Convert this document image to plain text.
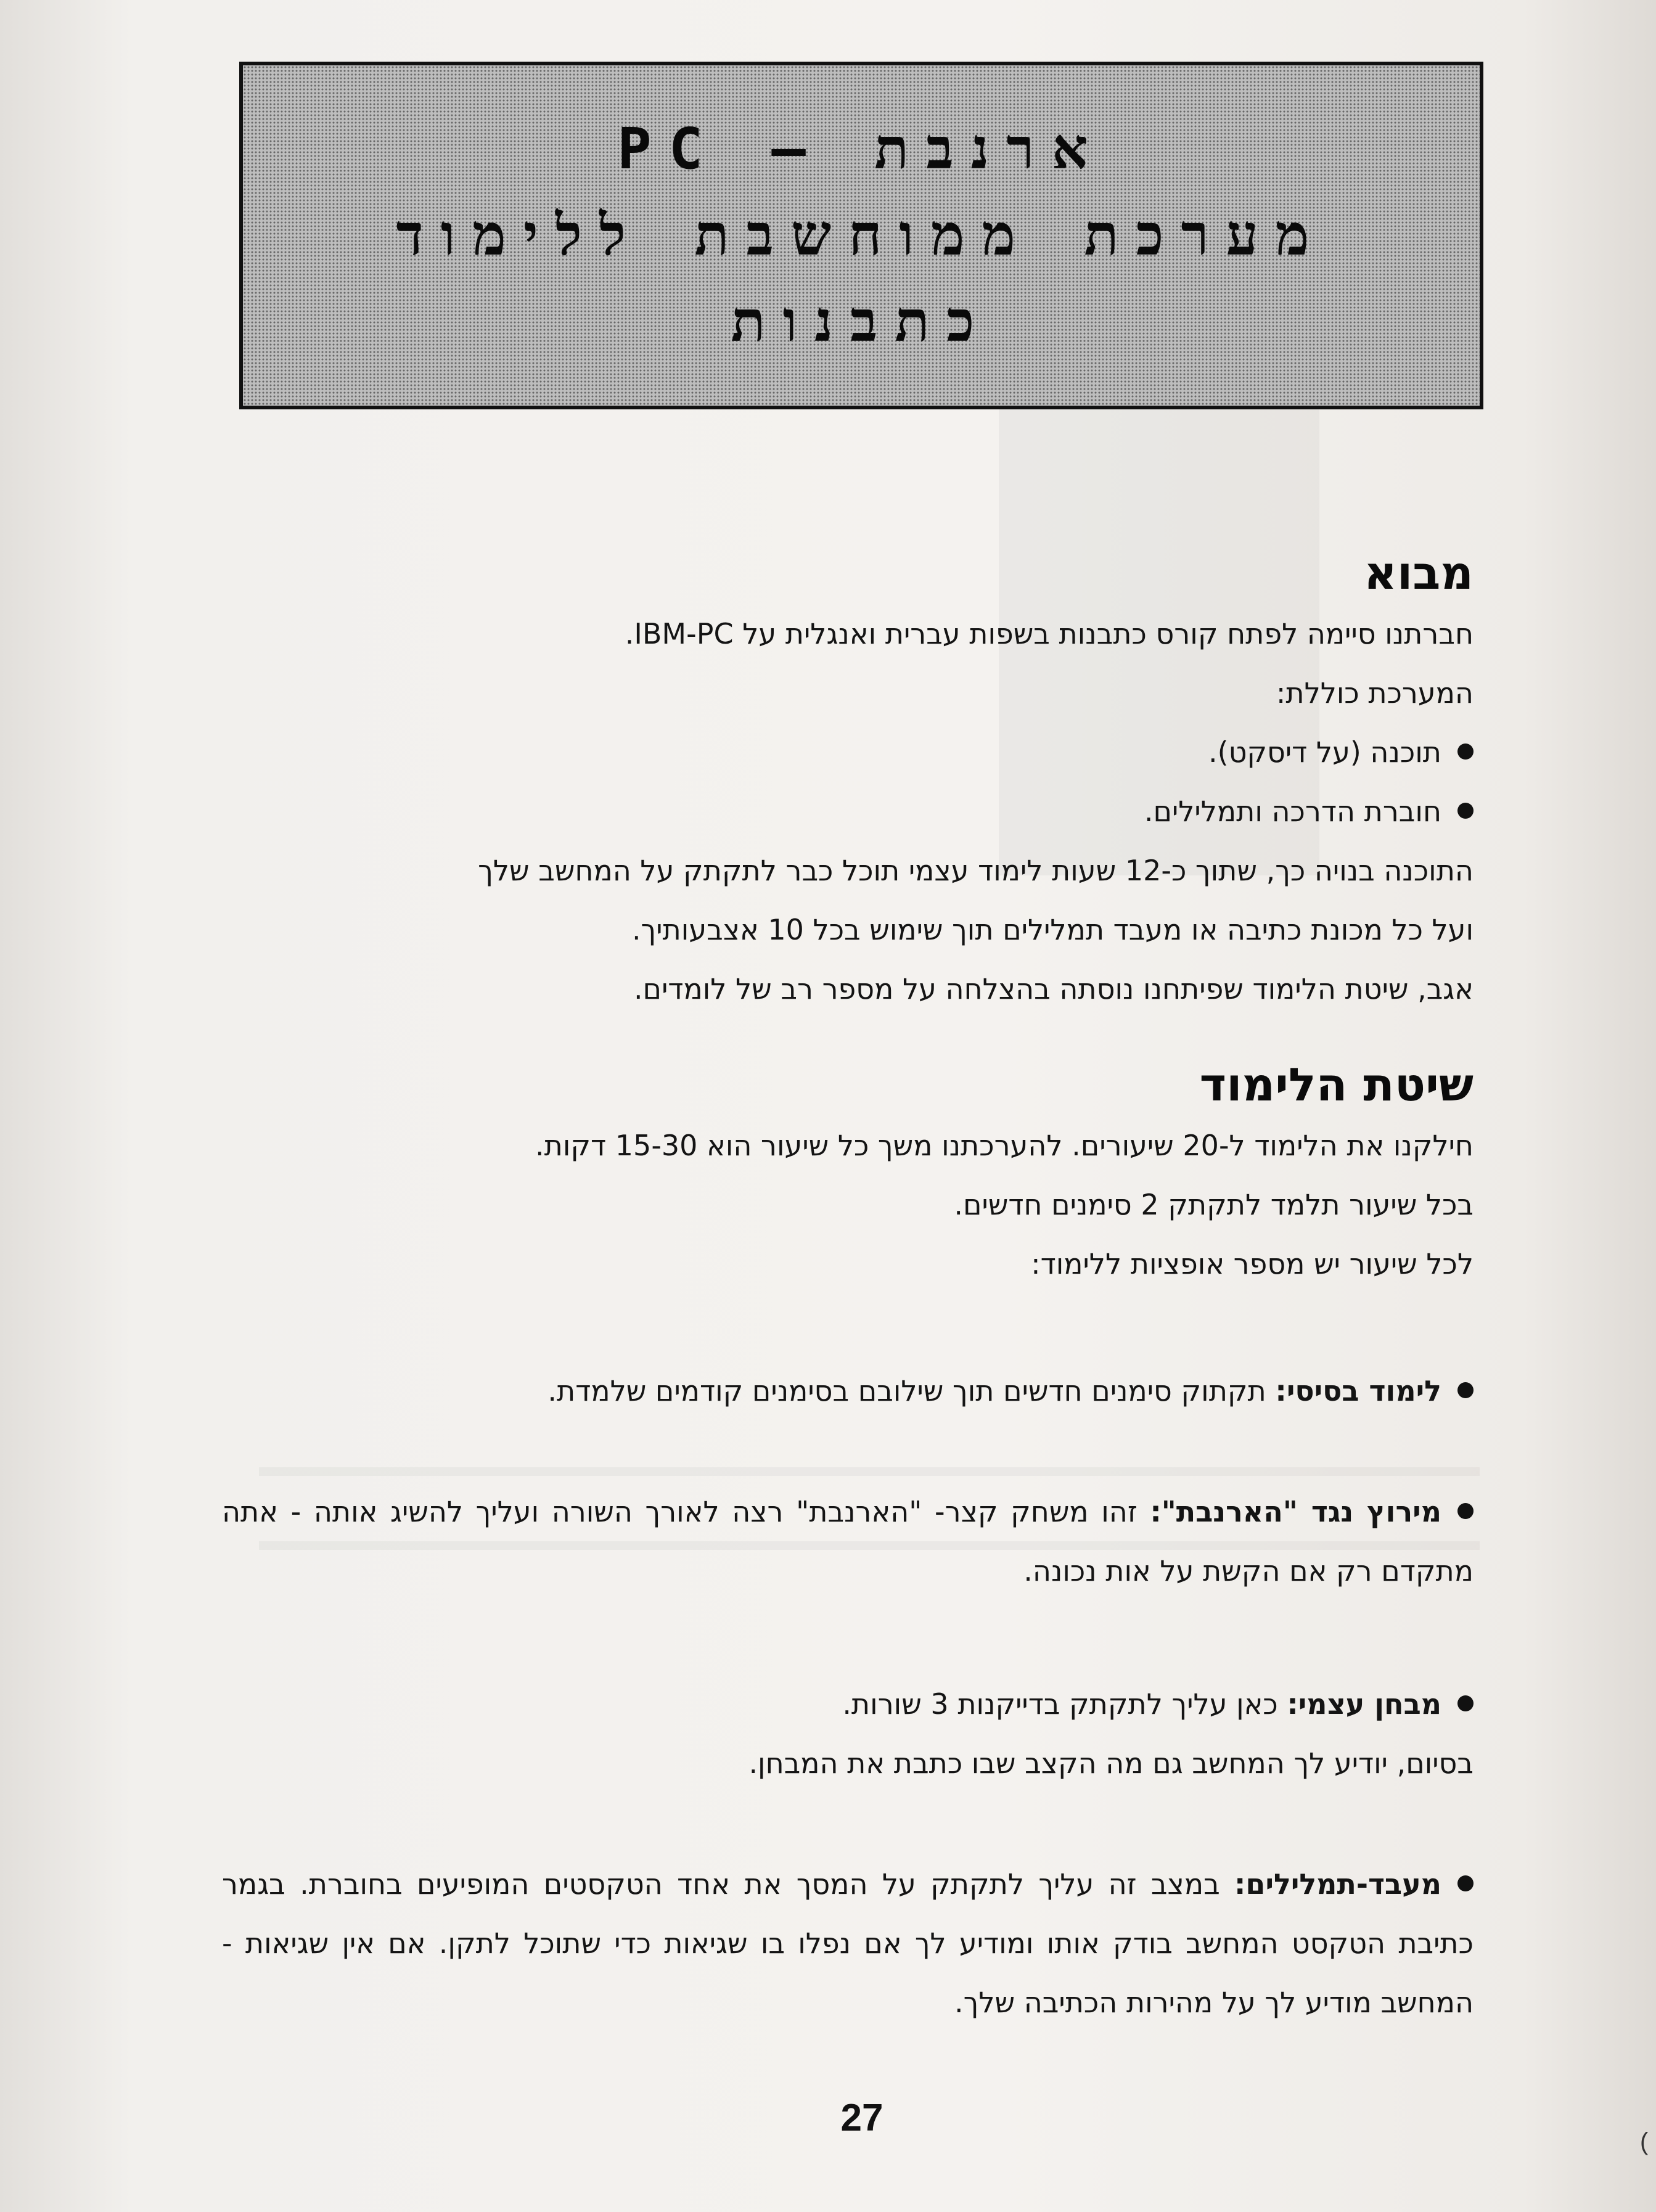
ארנבת – PC
מערכת ממוחשבת ללימוד
כתבנות
מבוא

חברתנו סיימה לפתח קורס כתבנות בשפות עברית ואנגלית על IBM-PC.

המערכת כוללת:

תוכנה (על דיסקט).
חוברת הדרכה ותמלילים.

התוכנה בנויה כך, שתוך כ-12 שעות לימוד עצמי תוכל כבר לתקתק על המחשב שלך

ועל כל מכונת כתיבה או מעבד תמלילים תוך שימוש בכל 10 אצבעותיך.

אגב, שיטת הלימוד שפיתחנו נוסתה בהצלחה על מספר רב של לומדים.

שיטת הלימוד

חילקנו את הלימוד ל-20 שיעורים. להערכתנו משך כל שיעור הוא 15-30 דקות.

בכל שיעור תלמד לתקתק 2 סימנים חדשים.

לכל שיעור יש מספר אופציות ללימוד:

לימוד בסיסי: תקתוק סימנים חדשים תוך שילובם בסימנים קודמים שלמדת.
מירוץ נגד "הארנבת": זהו משחק קצר- "הארנבת" רצה לאורך השורה ועליך להשיג אותה - אתה מתקדם רק אם הקשת על אות נכונה.
מבחן עצמי: כאן עליך לתקתק בדייקנות 3 שורות.

בסיום, יודיע לך המחשב גם מה הקצב שבו כתבת את המבחן.

מעבד-תמלילים: במצב זה עליך לתקתק על המסך את אחד הטקסטים המופיעים בחוברת. בגמר כתיבת הטקסט המחשב בודק אותו ומודיע לך אם נפלו בו שגיאות כדי שתוכל לתקן. אם אין שגיאות - המחשב מודיע לך על מהירות הכתיבה שלך.
27
(
